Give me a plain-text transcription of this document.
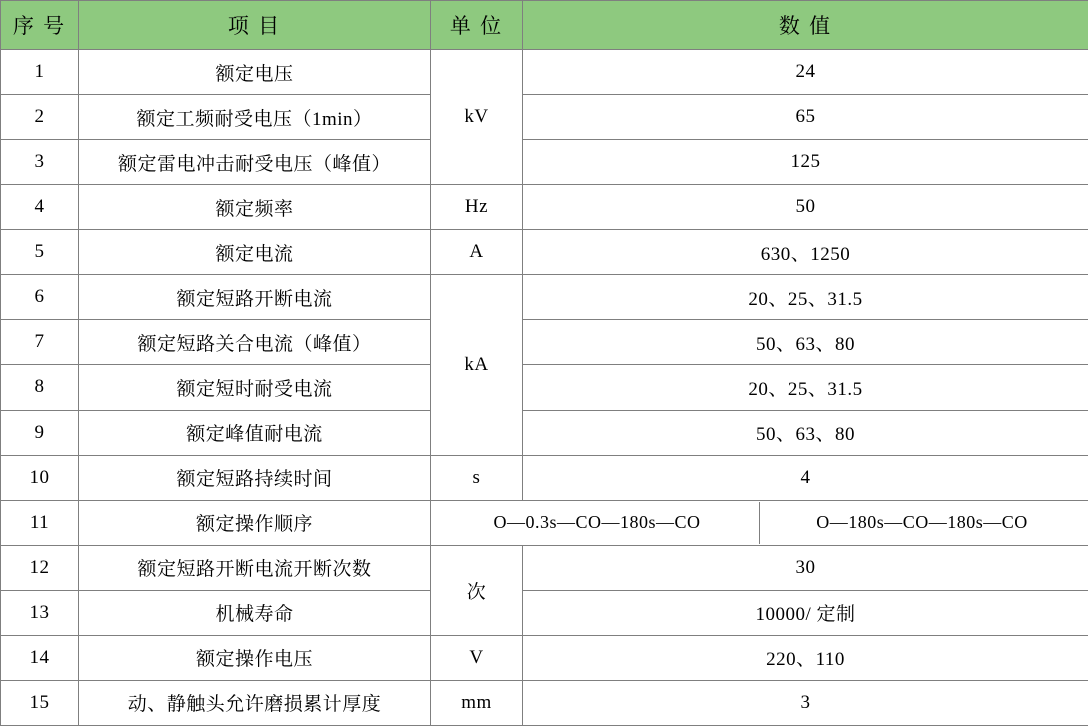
序 号	项 目	单 位	数 值
1	额定电压	kV	24
2	额定工频耐受电压（1min）		65
3	额定雷电冲击耐受电压（峰值）		125
4	额定频率	Hz	50
5	额定电流	A	630、1250
6	额定短路开断电流	kA	20、25、31.5
7	额定短路关合电流（峰值）		50、63、80
8	额定短时耐受电流		20、25、31.5
9	额定峰值耐电流		50、63、80
10	额定短路持续时间	s	4
11	额定操作顺序	O—0.3s—CO—180s—CO O—180s—CO—180s—CO	

12	额定短路开断电流开断次数	次	30
13	机械寿命		10000/ 定制
14	额定操作电压	V	220、110
15	动、静触头允许磨损累计厚度	mm	3
